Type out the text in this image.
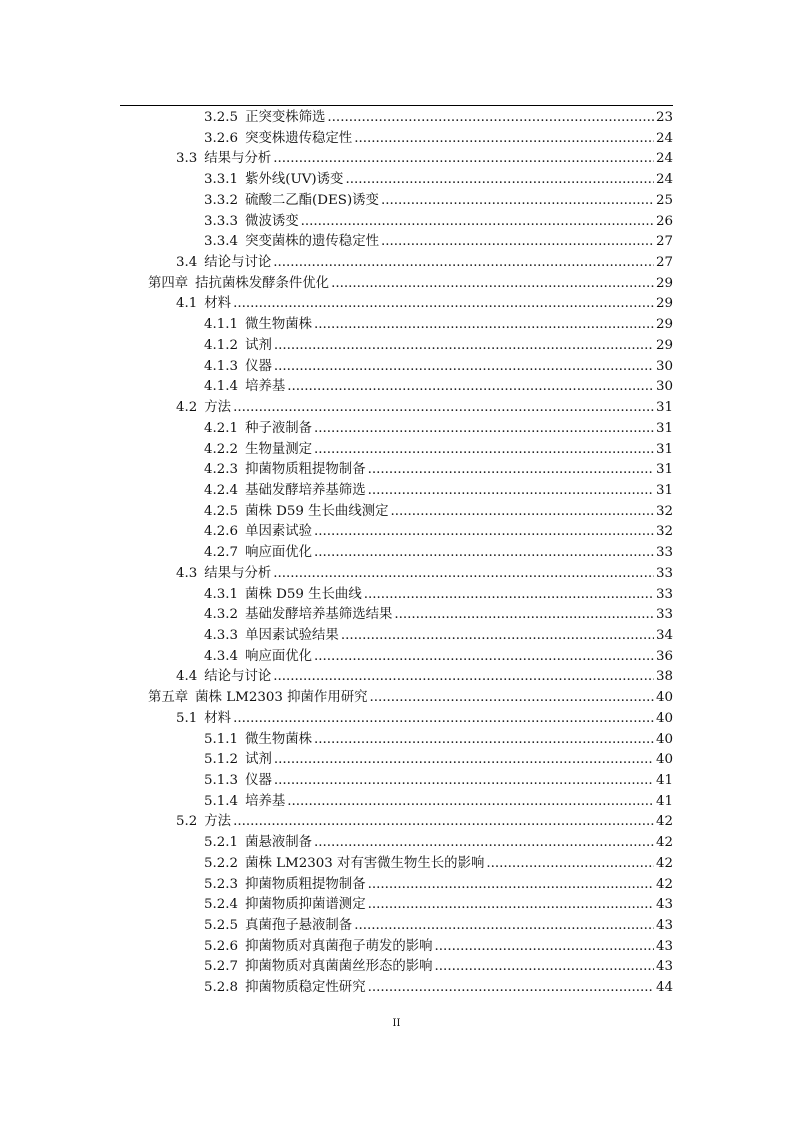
3.2.5 正突变株筛选 .....	23
3.2.6 突变株遗传稳定性 .....	24
3.3 结果与分析 .....	24
3.3.1 紫外线(UV)诱变 .....	24
3.3.2 硫酸二乙酯(DES)诱变 .....	25
3.3.3 微波诱变 .....	26
3.3.4 突变菌株的遗传稳定性 .....	27
3.4 结论与讨论 .....	27
第四章 拮抗菌株发酵条件优化 .....	29
4.1 材料 .....	29
4.1.1 微生物菌株 .....	29
4.1.2 试剂 .....	29
4.1.3 仪器 .....	30
4.1.4 培养基 .....	30
4.2 方法 .....	31
4.2.1 种子液制备 .....	31
4.2.2 生物量测定 .....	31
4.2.3 抑菌物质粗提物制备 .....	31
4.2.4 基础发酵培养基筛选 .....	31
4.2.5 菌株 D59 生长曲线测定 .....	32
4.2.6 单因素试验 .....	32
4.2.7 响应面优化 .....	33
4.3 结果与分析 .....	33
4.3.1 菌株 D59 生长曲线 .....	33
4.3.2 基础发酵培养基筛选结果 .....	33
4.3.3 单因素试验结果 .....	34
4.3.4 响应面优化 .....	36
4.4 结论与讨论 .....	38
第五章 菌株 LM2303 抑菌作用研究 .....	40
5.1 材料 .....	40
5.1.1 微生物菌株 .....	40
5.1.2 试剂 .....	40
5.1.3 仪器 .....	41
5.1.4 培养基 .....	41
5.2 方法 .....	42
5.2.1 菌悬液制备 .....	42
5.2.2 菌株 LM2303 对有害微生物生长的影响 .....	42
5.2.3 抑菌物质粗提物制备 .....	42
5.2.4 抑菌物质抑菌谱测定 .....	43
5.2.5 真菌孢子悬液制备 .....	43
5.2.6 抑菌物质对真菌孢子萌发的影响 .....	43
5.2.7 抑菌物质对真菌菌丝形态的影响 .....	43
5.2.8 抑菌物质稳定性研究 .....	44
II
